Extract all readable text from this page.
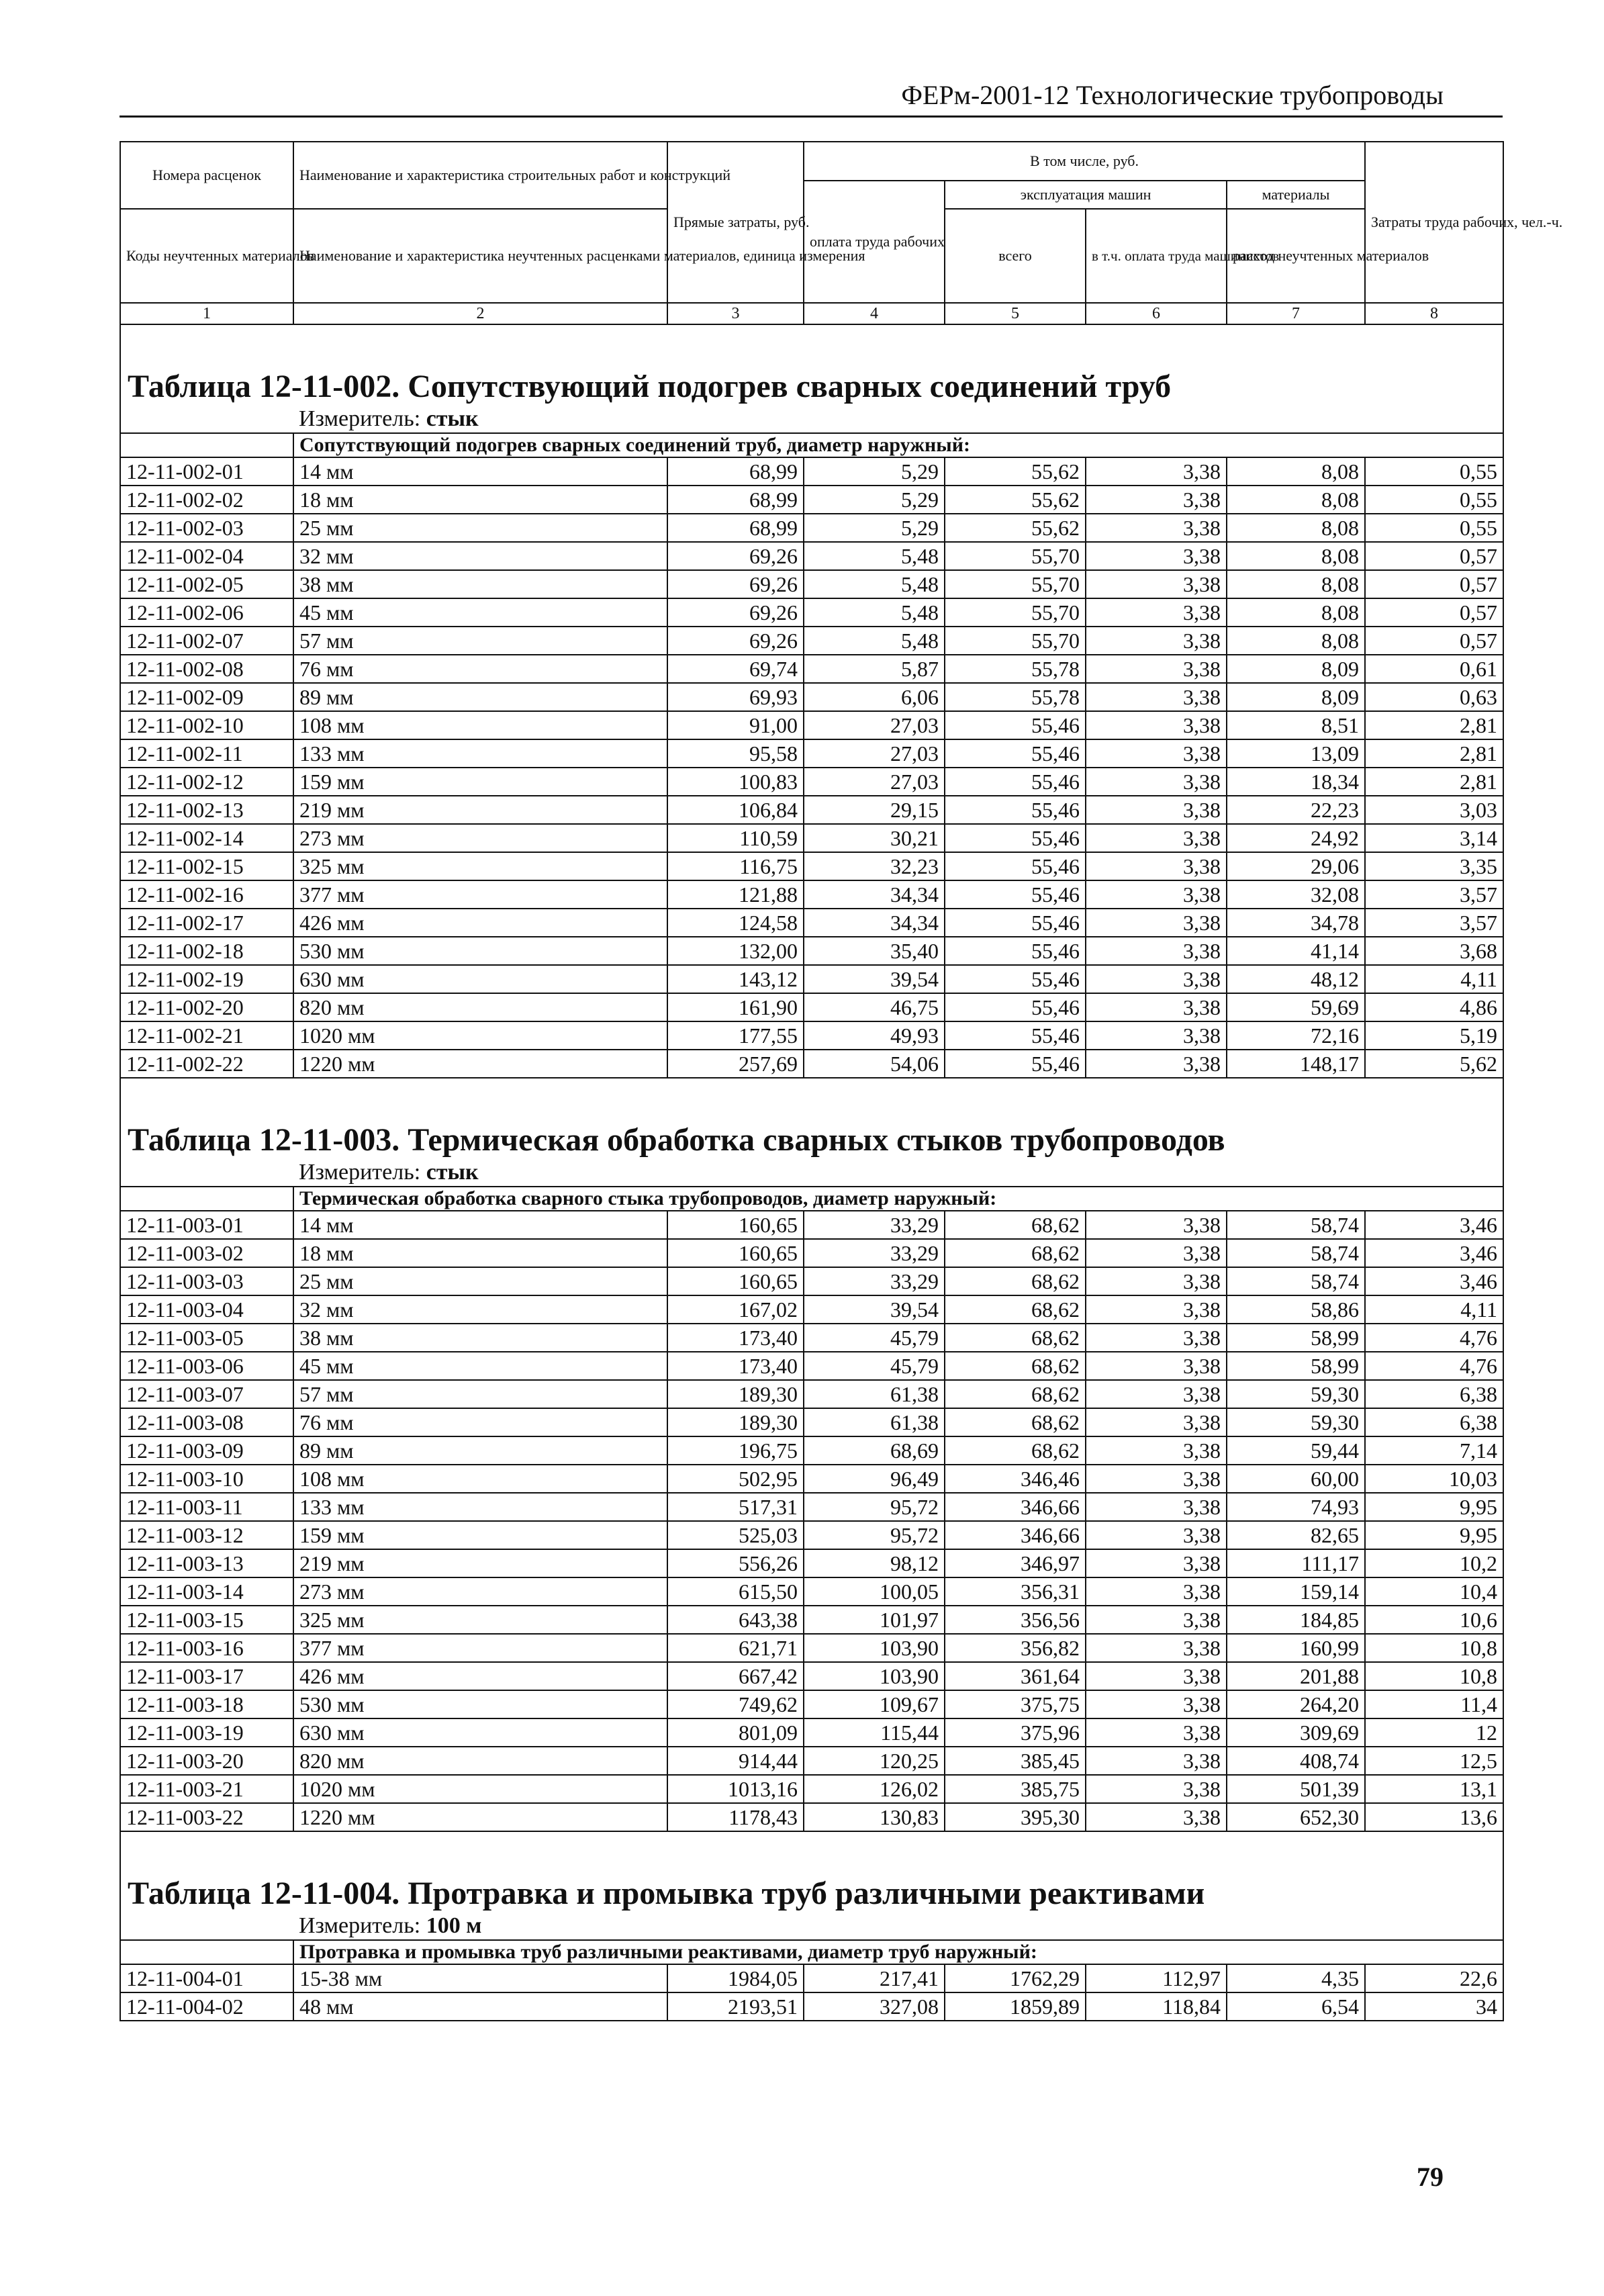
ФЕРм-2001-12 Технологические трубопроводы
Номера расценок	Наименование и характеристика строительных работ и конструкций	Прямые затраты, руб.	В том числе, руб.				Затраты труда рабочих, чел.-ч.
			оплата труда рабочих	эксплуатация машин		материалы	
Коды неучтенных материалов	Наименование и характеристика неучтенных расценками материалов, единица измерения			всего	в т.ч. оплата труда машинистов	расход неучтенных материалов	

1	2	3	4	5	6	7	8
Таблица 12-11-002. Сопутствующий подогрев сварных соединений труб							
	Измеритель: стык						
	Сопутствующий подогрев сварных соединений труб, диаметр наружный:						
12-11-002-01	14 мм	68,99	5,29	55,62	3,38	8,08	0,55
12-11-002-02	18 мм	68,99	5,29	55,62	3,38	8,08	0,55
12-11-002-03	25 мм	68,99	5,29	55,62	3,38	8,08	0,55
12-11-002-04	32 мм	69,26	5,48	55,70	3,38	8,08	0,57
12-11-002-05	38 мм	69,26	5,48	55,70	3,38	8,08	0,57
12-11-002-06	45 мм	69,26	5,48	55,70	3,38	8,08	0,57
12-11-002-07	57 мм	69,26	5,48	55,70	3,38	8,08	0,57
12-11-002-08	76 мм	69,74	5,87	55,78	3,38	8,09	0,61
12-11-002-09	89 мм	69,93	6,06	55,78	3,38	8,09	0,63
12-11-002-10	108 мм	91,00	27,03	55,46	3,38	8,51	2,81
12-11-002-11	133 мм	95,58	27,03	55,46	3,38	13,09	2,81
12-11-002-12	159 мм	100,83	27,03	55,46	3,38	18,34	2,81
12-11-002-13	219 мм	106,84	29,15	55,46	3,38	22,23	3,03
12-11-002-14	273 мм	110,59	30,21	55,46	3,38	24,92	3,14
12-11-002-15	325 мм	116,75	32,23	55,46	3,38	29,06	3,35
12-11-002-16	377 мм	121,88	34,34	55,46	3,38	32,08	3,57
12-11-002-17	426 мм	124,58	34,34	55,46	3,38	34,78	3,57
12-11-002-18	530 мм	132,00	35,40	55,46	3,38	41,14	3,68
12-11-002-19	630 мм	143,12	39,54	55,46	3,38	48,12	4,11
12-11-002-20	820 мм	161,90	46,75	55,46	3,38	59,69	4,86
12-11-002-21	1020 мм	177,55	49,93	55,46	3,38	72,16	5,19
12-11-002-22	1220 мм	257,69	54,06	55,46	3,38	148,17	5,62
Таблица 12-11-003. Термическая обработка сварных стыков трубопроводов							
	Измеритель: стык						
	Термическая обработка сварного стыка трубопроводов, диаметр наружный:						
12-11-003-01	14 мм	160,65	33,29	68,62	3,38	58,74	3,46
12-11-003-02	18 мм	160,65	33,29	68,62	3,38	58,74	3,46
12-11-003-03	25 мм	160,65	33,29	68,62	3,38	58,74	3,46
12-11-003-04	32 мм	167,02	39,54	68,62	3,38	58,86	4,11
12-11-003-05	38 мм	173,40	45,79	68,62	3,38	58,99	4,76
12-11-003-06	45 мм	173,40	45,79	68,62	3,38	58,99	4,76
12-11-003-07	57 мм	189,30	61,38	68,62	3,38	59,30	6,38
12-11-003-08	76 мм	189,30	61,38	68,62	3,38	59,30	6,38
12-11-003-09	89 мм	196,75	68,69	68,62	3,38	59,44	7,14
12-11-003-10	108 мм	502,95	96,49	346,46	3,38	60,00	10,03
12-11-003-11	133 мм	517,31	95,72	346,66	3,38	74,93	9,95
12-11-003-12	159 мм	525,03	95,72	346,66	3,38	82,65	9,95
12-11-003-13	219 мм	556,26	98,12	346,97	3,38	111,17	10,2
12-11-003-14	273 мм	615,50	100,05	356,31	3,38	159,14	10,4
12-11-003-15	325 мм	643,38	101,97	356,56	3,38	184,85	10,6
12-11-003-16	377 мм	621,71	103,90	356,82	3,38	160,99	10,8
12-11-003-17	426 мм	667,42	103,90	361,64	3,38	201,88	10,8
12-11-003-18	530 мм	749,62	109,67	375,75	3,38	264,20	11,4
12-11-003-19	630 мм	801,09	115,44	375,96	3,38	309,69	12
12-11-003-20	820 мм	914,44	120,25	385,45	3,38	408,74	12,5
12-11-003-21	1020 мм	1013,16	126,02	385,75	3,38	501,39	13,1
12-11-003-22	1220 мм	1178,43	130,83	395,30	3,38	652,30	13,6
Таблица 12-11-004. Протравка и промывка труб различными реактивами							
	Измеритель: 100 м						
	Протравка и промывка труб различными реактивами, диаметр труб наружный:						
12-11-004-01	15-38 мм	1984,05	217,41	1762,29	112,97	4,35	22,6
12-11-004-02	48 мм	2193,51	327,08	1859,89	118,84	6,54	34
79
